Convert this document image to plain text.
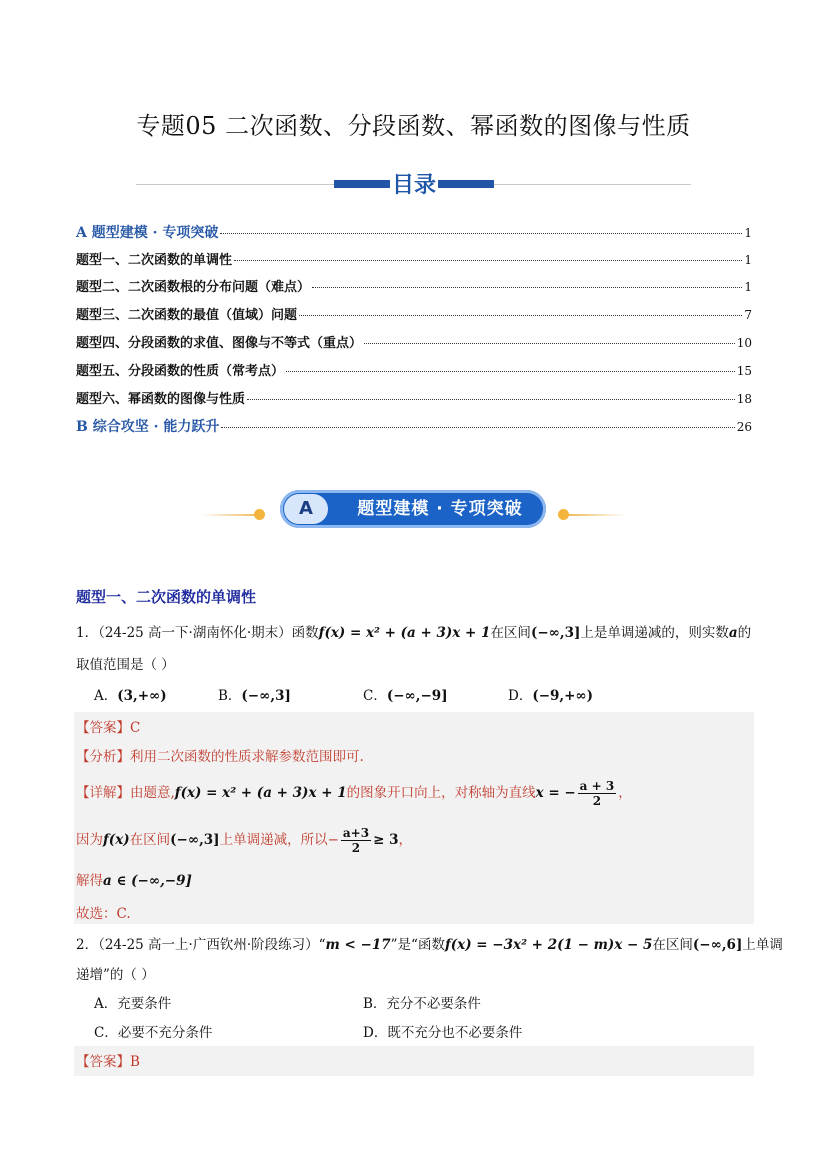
专题05 二次函数、分段函数、幂函数的图像与性质
目录
A 题型建模 · 专项突破	1
题型一、二次函数的单调性	1
题型二、二次函数根的分布问题（难点）	1
题型三、二次函数的最值（值域）问题	7
题型四、分段函数的求值、图像与不等式（重点）	10
题型五、分段函数的性质（常考点）	15
题型六、幂函数的图像与性质	18
B 综合攻坚 · 能力跃升	26
A	题型建模 · 专项突破
题型一、二次函数的单调性
1．（24-25 高一下·湖南怀化·期末）函数f(x) = x² + (a + 3)x + 1在区间(−∞,3]上是单调递减的，则实数a的
取值范围是（ ）
A．(3,+∞)	B．(−∞,3]	C．(−∞,−9]	D．(−9,+∞)
【答案】C
【分析】利用二次函数的性质求解参数范围即可.
【详解】由题意,f(x) = x² + (a + 3)x + 1的图象开口向上，对称轴为直线x = − $\frac{a + 3}{2}$ ，
因为f(x)在区间(−∞,3]上单调递减，所以− $\frac{a+3}{2} \ge 3$，
解得a ∈ (−∞,−9]
故选：C.
2．（24-25 高一上·广西钦州·阶段练习）“m < −17”是“函数f(x) = −3x² + 2(1 − m)x − 5在区间(−∞,6]上单调
递增”的（ ）
A．充要条件	B．充分不必要条件
C．必要不充分条件	D．既不充分也不必要条件
【答案】B
